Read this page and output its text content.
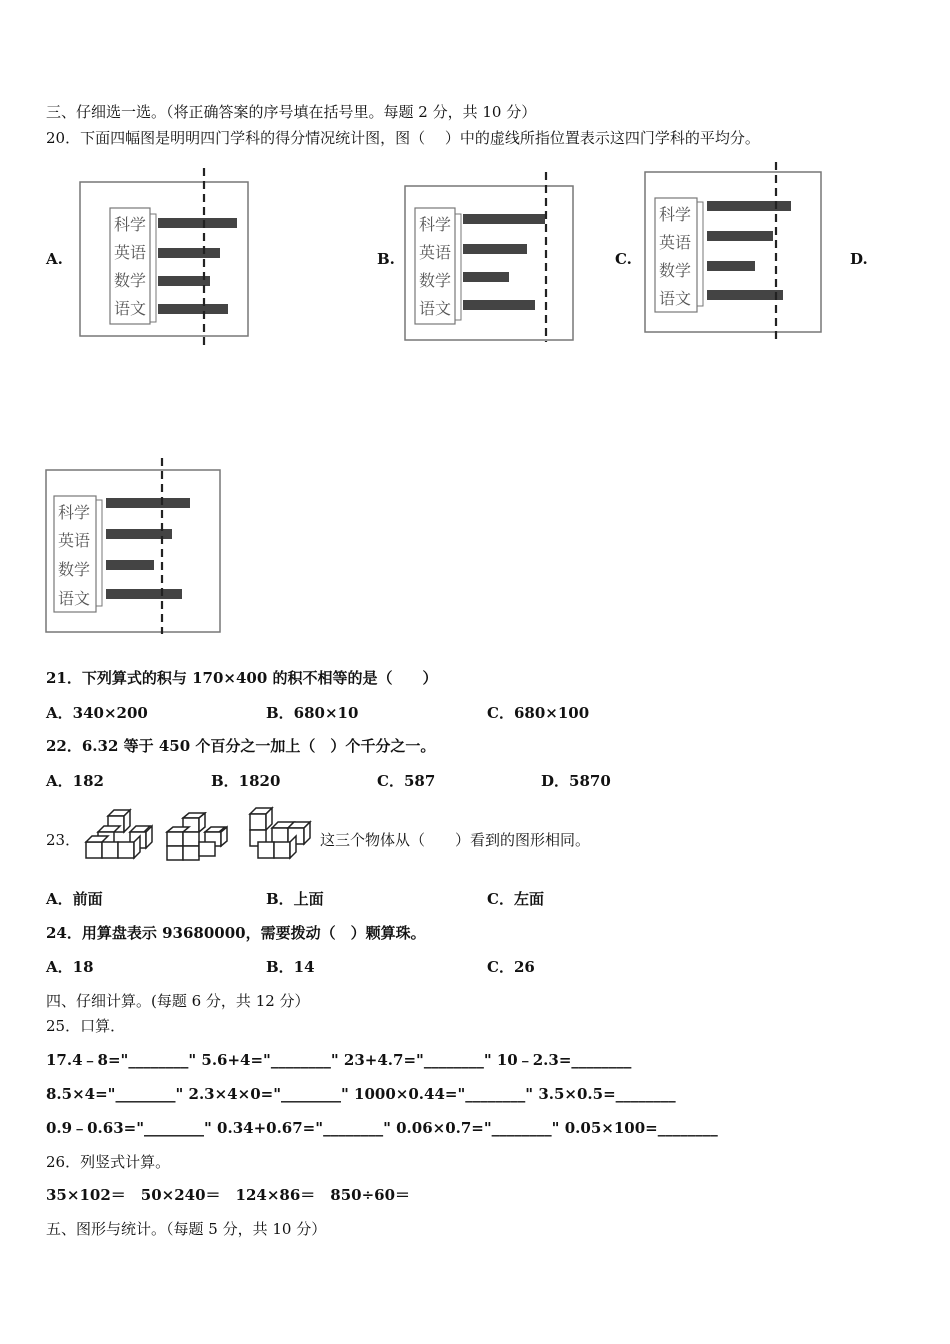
三、仔细选一选。（将正确答案的序号填在括号里。每题 2 分，共 10 分）
20．下面四幅图是明明四门学科的得分情况统计图，图（　 ）中的虚线所指位置表示这四门学科的平均分。
A.	B.	C.	D.
科学
英语
数学
语文
科学
英语
数学
语文
科学
英语
数学
语文
科学
英语
数学
语文
21．下列算式的积与 170×400 的积不相等的是（　　）
A．340×200	B．680×10	C．680×100
22．6.32 等于 450 个百分之一加上（　）个千分之一。
A．182	B．1820	C．587	D．5870
23．	这三个物体从（　　）看到的图形相同。
A．前面	B．上面	C．左面
24．用算盘表示 93680000，需要拨动（　）颗算珠。
A．18	B．14	C．26
四、仔细计算。(每题 6 分，共 12 分）
25．口算．
17.4﹣8="________" 5.6+4="________" 23+4.7="________" 10﹣2.3=________
8.5×4="________" 2.3×4×0="________" 1000×0.44="________" 3.5×0.5=________
0.9﹣0.63="________" 0.34+0.67="________" 0.06×0.7="________" 0.05×100=________
26．列竖式计算。
35×102＝　50×240＝　124×86＝　850÷60＝
五、图形与统计。（每题 5 分，共 10 分）
